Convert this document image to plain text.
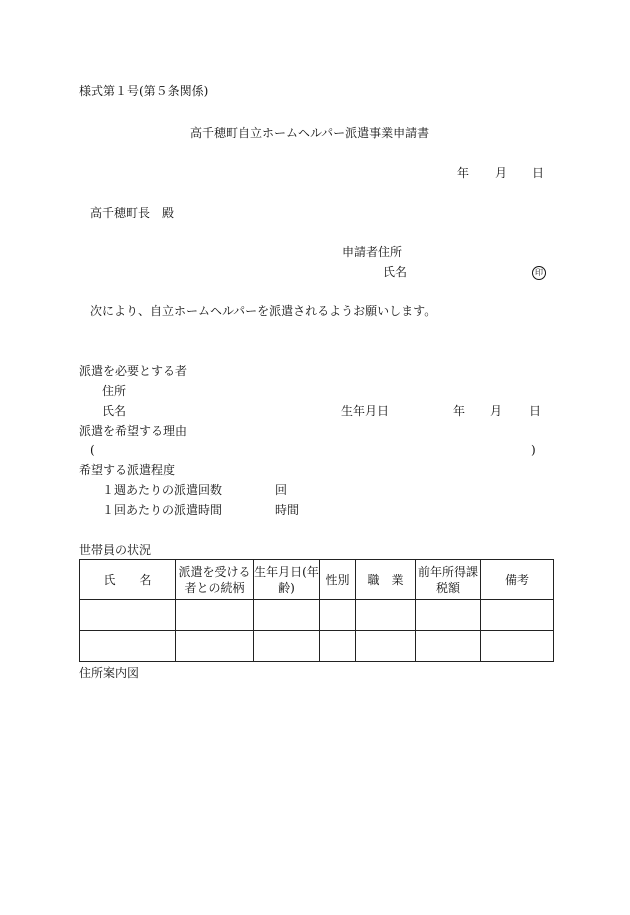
様式第１号(第５条関係)
高千穂町自立ホームヘルパー派遣事業申請書
年 月 日
高千穂町長　殿
申請者住所
氏名	印
次により、自立ホームヘルパーを派遣されるようお願いします。
派遣を必要とする者
住所
氏名	生年月日	年 月 日
派遣を希望する理由
(	)
希望する派遣程度
１週あたりの派遣回数	回
１回あたりの派遣時間	時間
世帯員の状況
氏　　名	派遣を受ける者との続柄	生年月日(年　齢)	性別	職　業	前年所得課税額	備考

住所案内図
